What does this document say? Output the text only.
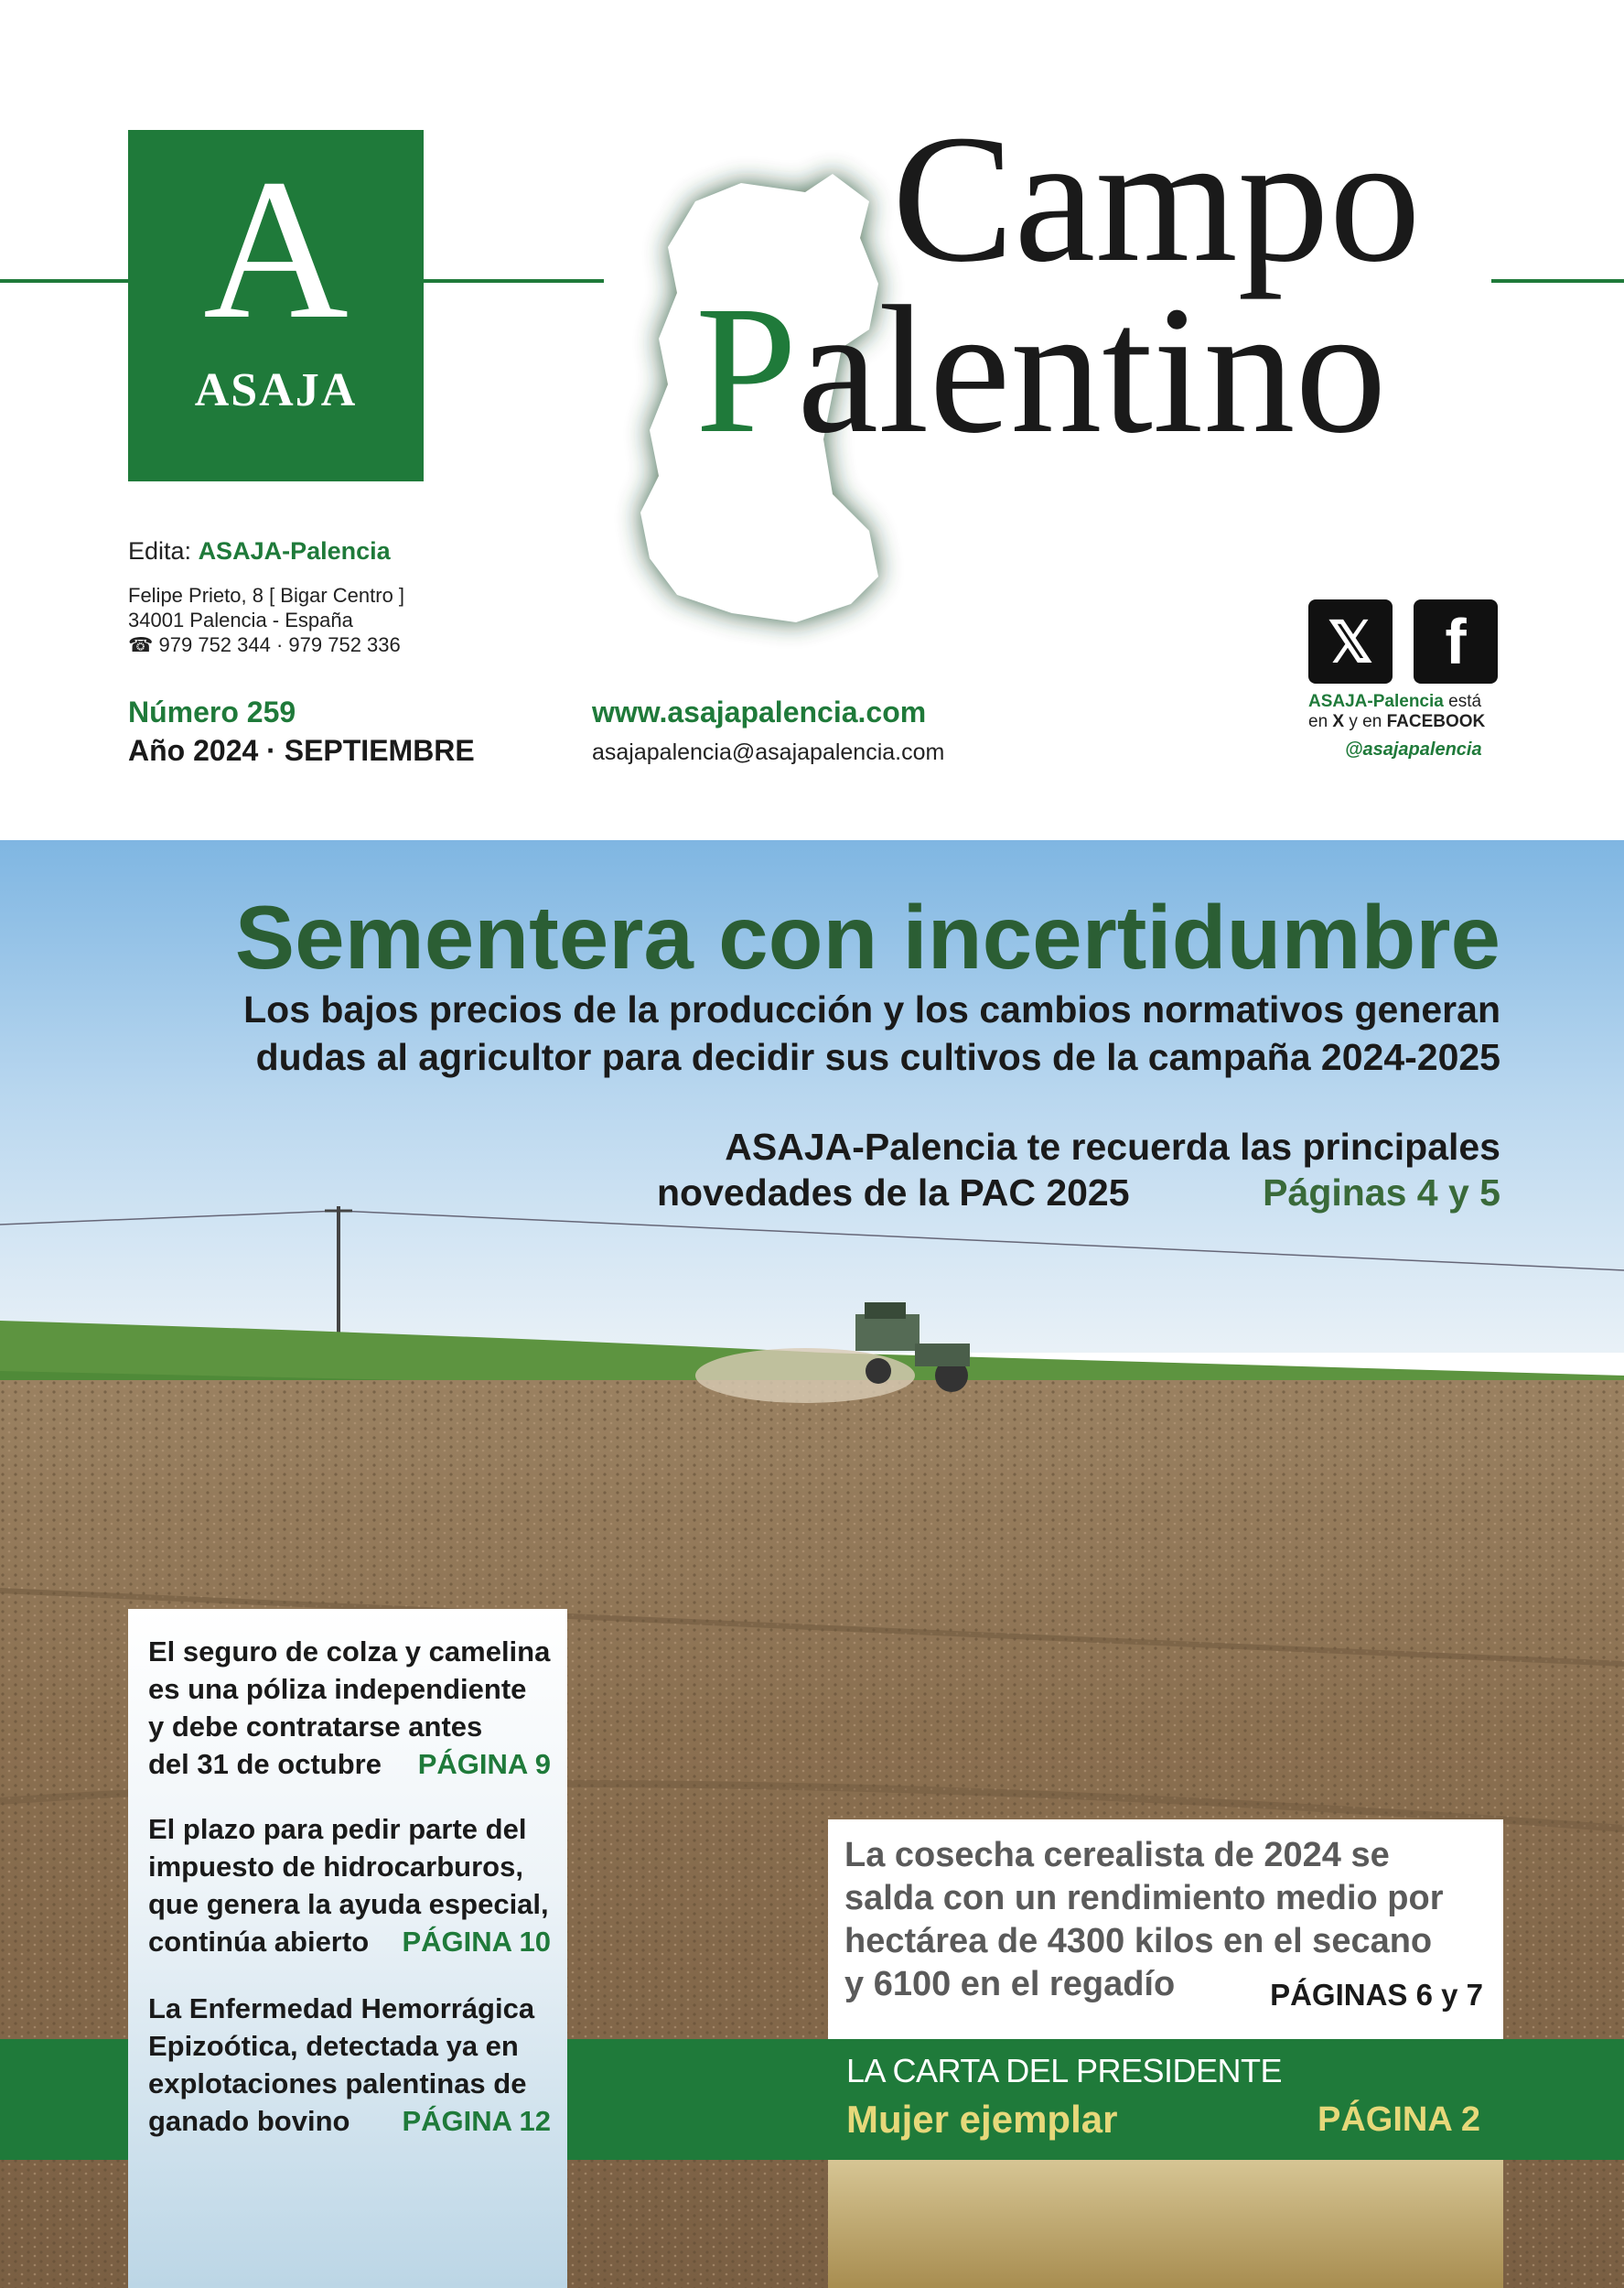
A
ASAJA
Campo
Palentino
Edita: ASAJA-Palencia
Felipe Prieto, 8 [ Bigar Centro ]
34001 Palencia - España
☎ 979 752 344 · 979 752 336
Número 259
Año 2024 · SEPTIEMBRE
www.asajapalencia.com
asajapalencia@asajapalencia.com
𝕏	f
ASAJA-Palencia está
en X y en FACEBOOK
@asajapalencia
Sementera con incertidumbre
Los bajos precios de la producción y los cambios normativos generan
dudas al agricultor para decidir sus cultivos de la campaña 2024-2025
ASAJA-Palencia te recuerda las principales
novedades de la PAC 2025	Páginas 4 y 5
LA CARTA DEL PRESIDENTE
Mujer ejemplar	PÁGINA 2
El seguro de colza y camelina
es una póliza independiente
y debe contratarse antes
del 31 de octubre PÁGINA 9
El plazo para pedir parte del
impuesto de hidrocarburos,
que genera la ayuda especial,
continúa abierto PÁGINA 10
La Enfermedad Hemorrágica
Epizoótica, detectada ya en
explotaciones palentinas de
ganado bovino PÁGINA 12
La cosecha cerealista de 2024 se
salda con un rendimiento medio por
hectárea de 4300 kilos en el secano
y 6100 en el regadío	PÁGINAS 6 y 7
